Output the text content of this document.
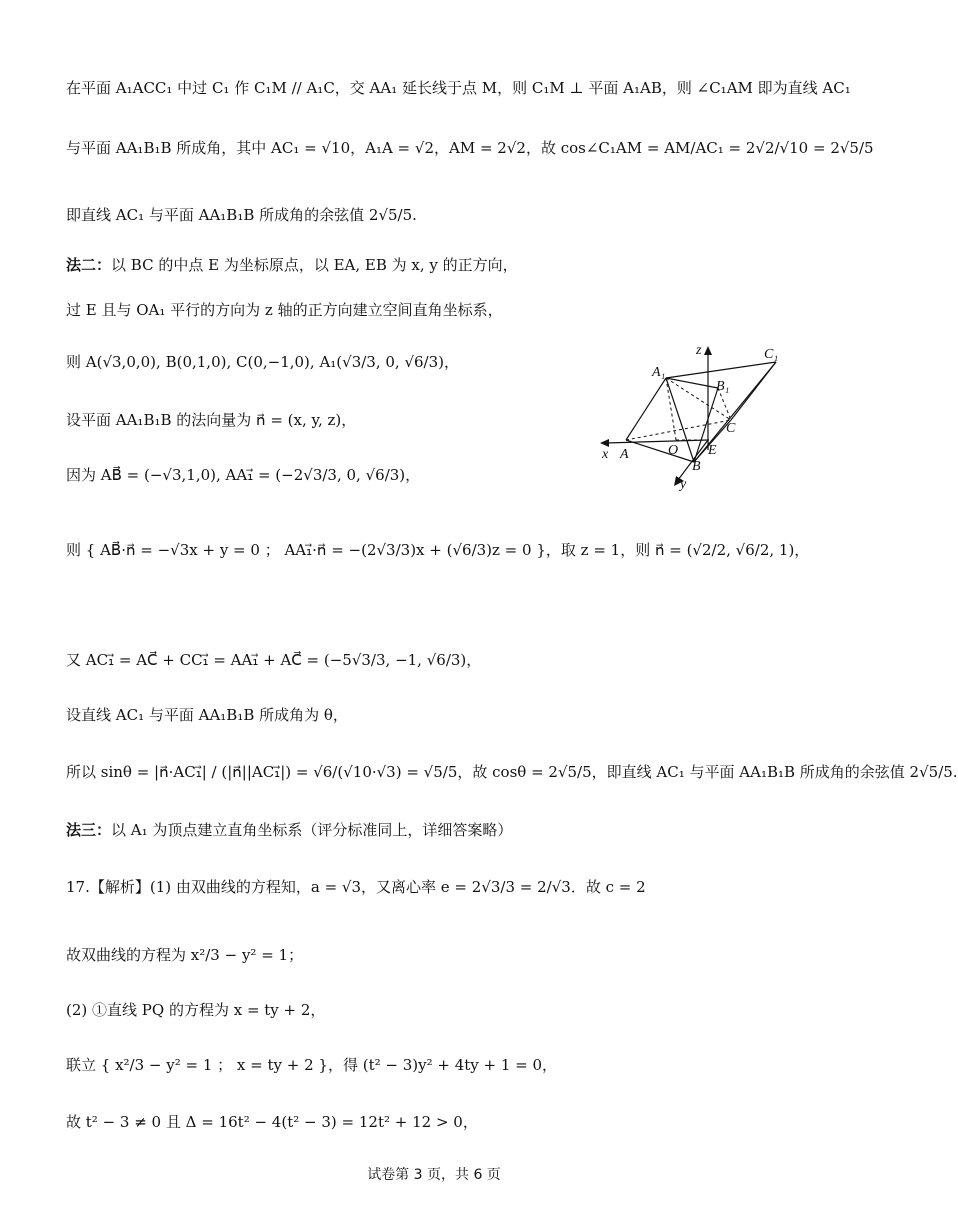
在平面 A₁ACC₁ 中过 C₁ 作 C₁M // A₁C，交 AA₁ 延长线于点 M，则 C₁M ⊥ 平面 A₁AB，则 ∠C₁AM 即为直线 AC₁
与平面 AA₁B₁B 所成角，其中 AC₁ = √10，A₁A = √2，AM = 2√2，故 cos∠C₁AM = AM/AC₁ = 2√2/√10 = 2√5/5
即直线 AC₁ 与平面 AA₁B₁B 所成角的余弦值 2√5/5.
法二：以 BC 的中点 E 为坐标原点，以 EA, EB 为 x, y 的正方向，
过 E 且与 OA₁ 平行的方向为 z 轴的正方向建立空间直角坐标系，
则 A(√3,0,0), B(0,1,0), C(0,−1,0), A₁(√3/3, 0, √6/3)，
设平面 AA₁B₁B 的法向量为 n⃗ = (x, y, z)，
因为 AB⃗ = (−√3,1,0), AA₁⃗ = (−2√3/3, 0, √6/3)，
则 { AB⃗·n⃗ = −√3x + y = 0 ； AA₁⃗·n⃗ = −(2√3/3)x + (√6/3)z = 0 }，取 z = 1，则 n⃗ = (√2/2, √6/2, 1)，
又 AC₁⃗ = AC⃗ + CC₁⃗ = AA₁⃗ + AC⃗ = (−5√3/3, −1, √6/3)，
设直线 AC₁ 与平面 AA₁B₁B 所成角为 θ，
所以 sinθ = |n⃗·AC₁⃗| / (|n⃗||AC₁⃗|) = √6/(√10·√3) = √5/5，故 cosθ = 2√5/5，即直线 AC₁ 与平面 AA₁B₁B 所成角的余弦值 2√5/5.
法三：以 A₁ 为顶点建立直角坐标系（评分标准同上，详细答案略）
17.【解析】(1) 由双曲线的方程知，a = √3，又离心率 e = 2√3/3 = 2/√3．故 c = 2
故双曲线的方程为 x²/3 − y² = 1；
(2) ①直线 PQ 的方程为 x = ty + 2，
联立 { x²/3 − y² = 1 ； x = ty + 2 }，得 (t² − 3)y² + 4ty + 1 = 0，
故 t² − 3 ≠ 0 且 Δ = 16t² − 4(t² − 3) = 12t² + 12 > 0，
z	C₁
A₁
B₁
C
x A	O E
B
y
试卷第 3 页，共 6 页
